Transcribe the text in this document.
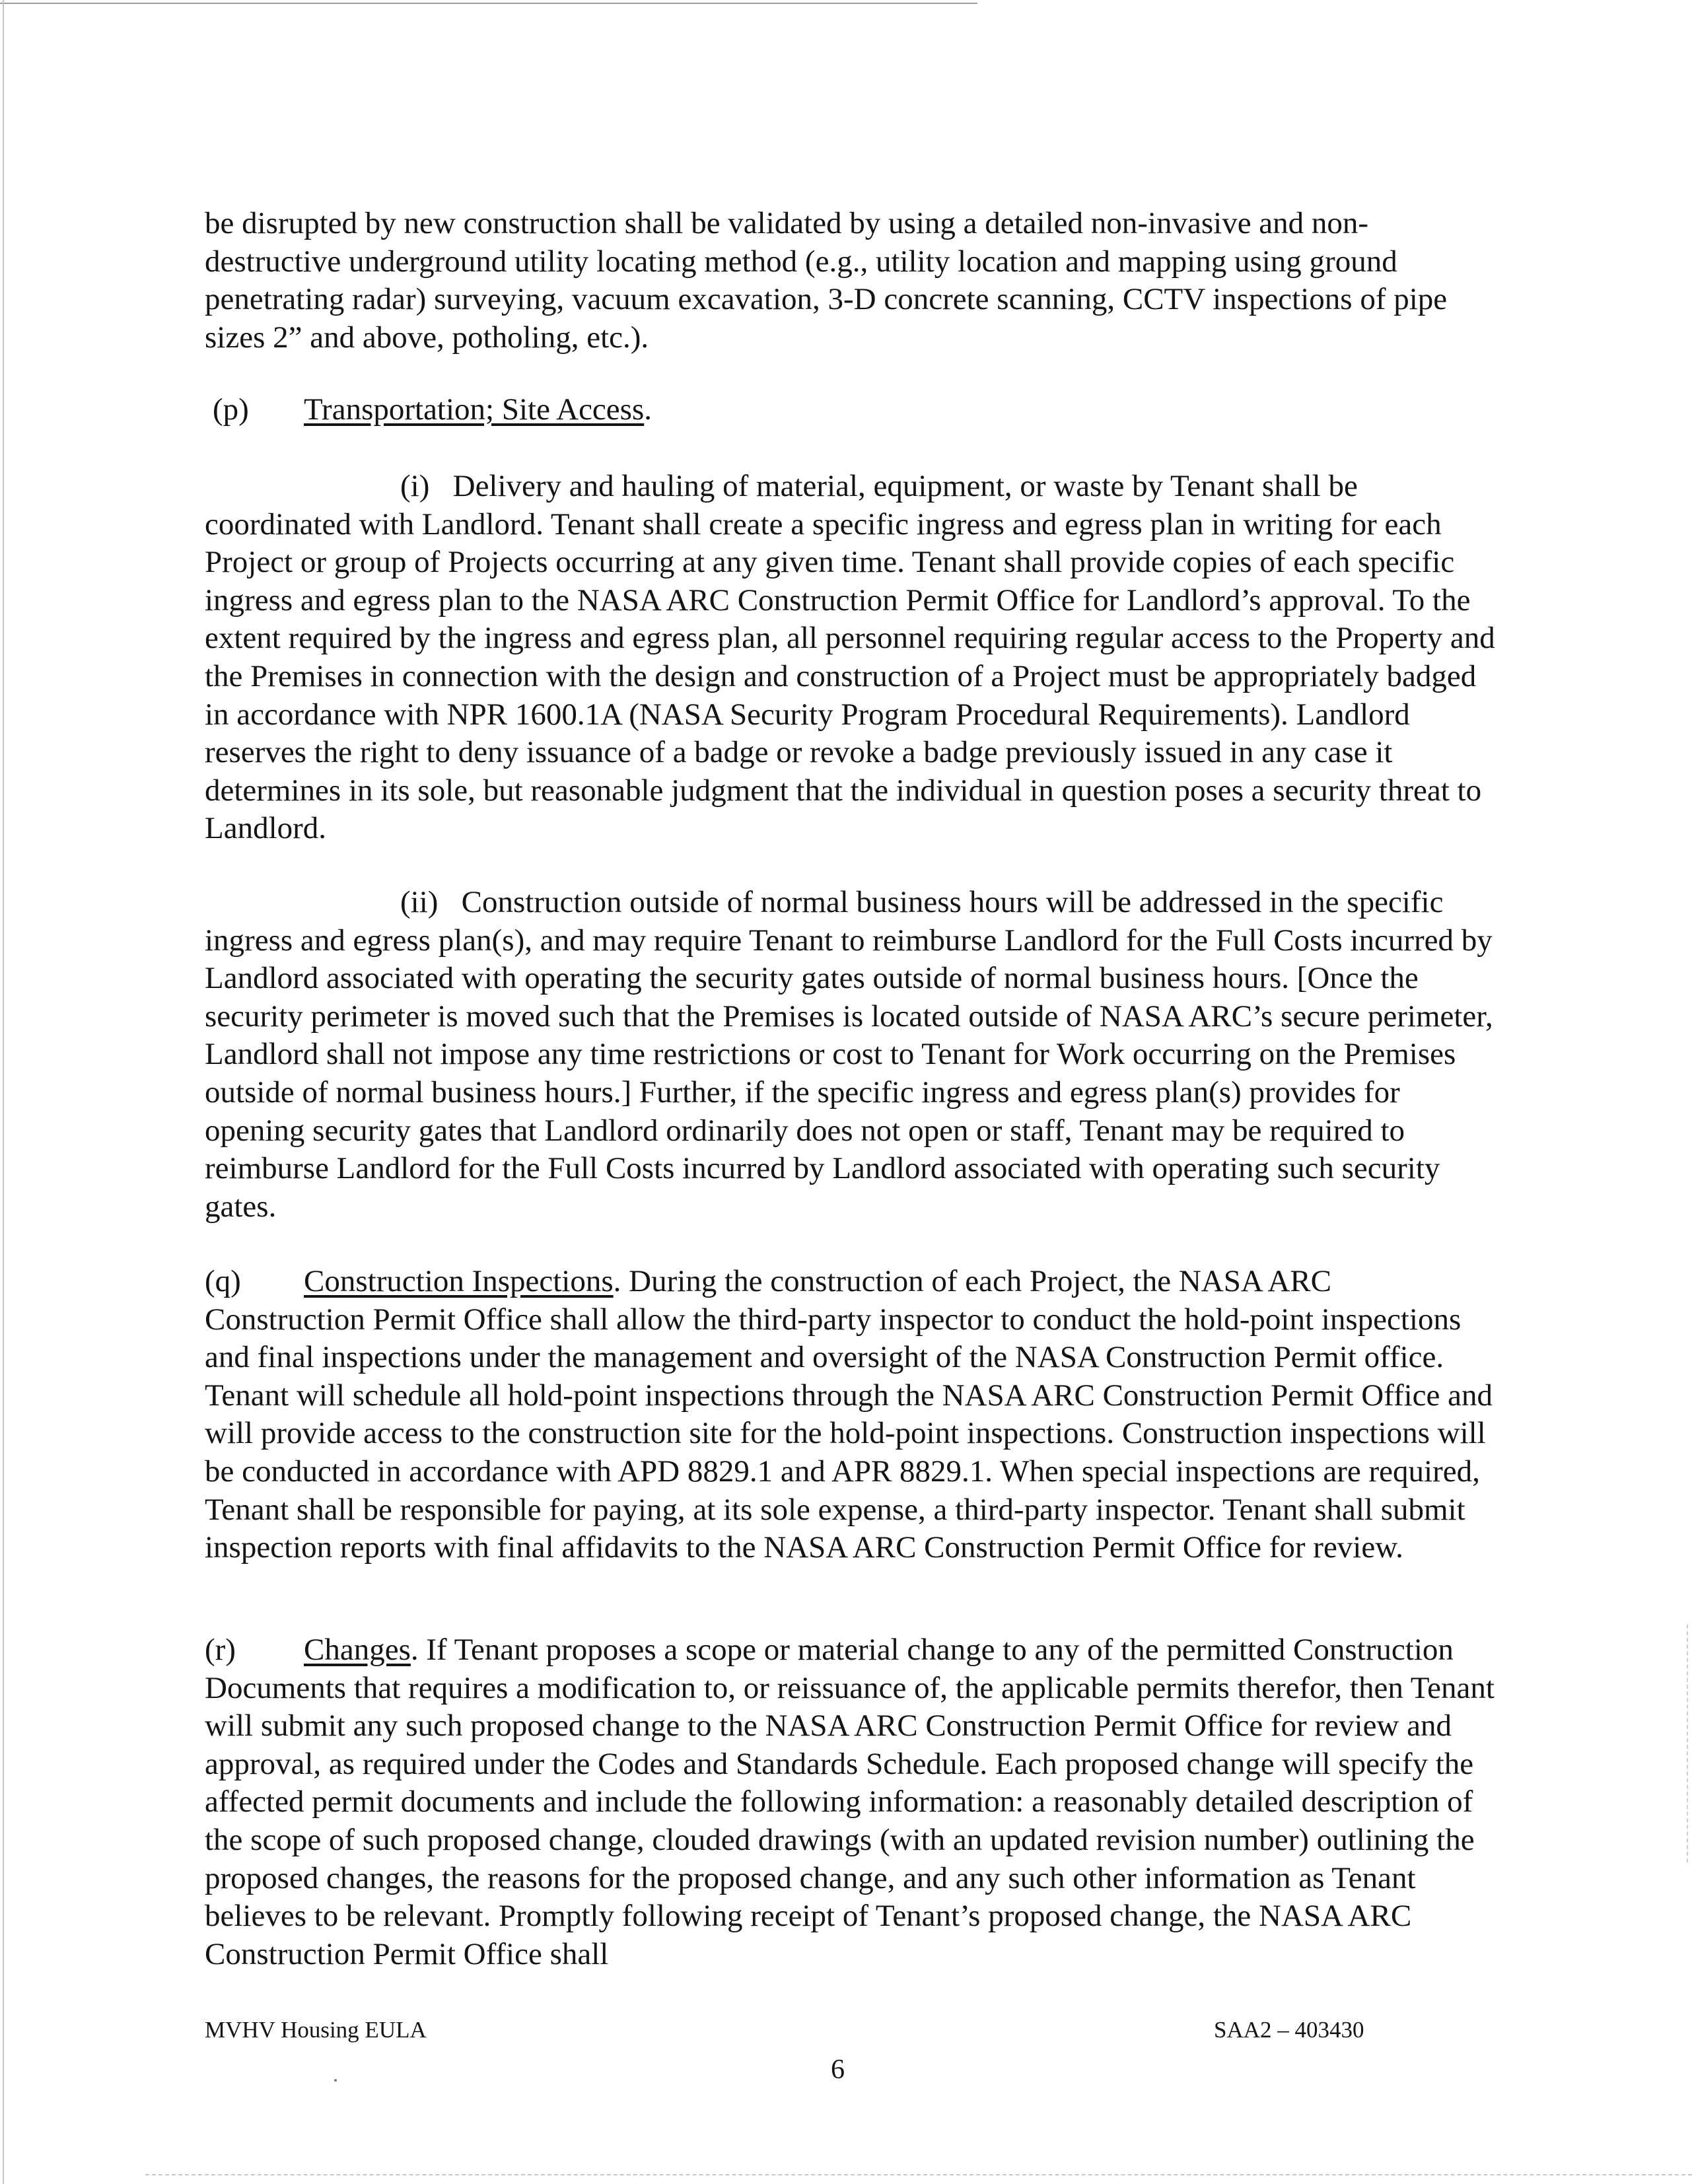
be disrupted by new construction shall be validated by using a detailed non-invasive and non-destructive underground utility locating method (e.g., utility location and mapping using ground penetrating radar) surveying, vacuum excavation, 3-D concrete scanning, CCTV inspections of pipe sizes 2” and above, potholing, etc.).

(p) Transportation; Site Access.

(i) Delivery and hauling of material, equipment, or waste by Tenant shall be coordinated with Landlord. Tenant shall create a specific ingress and egress plan in writing for each Project or group of Projects occurring at any given time. Tenant shall provide copies of each specific ingress and egress plan to the NASA ARC Construction Permit Office for Landlord’s approval. To the extent required by the ingress and egress plan, all personnel requiring regular access to the Property and the Premises in connection with the design and construction of a Project must be appropriately badged in accordance with NPR 1600.1A (NASA Security Program Procedural Requirements). Landlord reserves the right to deny issuance of a badge or revoke a badge previously issued in any case it determines in its sole, but reasonable judgment that the individual in question poses a security threat to Landlord.

(ii) Construction outside of normal business hours will be addressed in the specific ingress and egress plan(s), and may require Tenant to reimburse Landlord for the Full Costs incurred by Landlord associated with operating the security gates outside of normal business hours. [Once the security perimeter is moved such that the Premises is located outside of NASA ARC’s secure perimeter, Landlord shall not impose any time restrictions or cost to Tenant for Work occurring on the Premises outside of normal business hours.] Further, if the specific ingress and egress plan(s) provides for opening security gates that Landlord ordinarily does not open or staff, Tenant may be required to reimburse Landlord for the Full Costs incurred by Landlord associated with operating such security gates.

(q) Construction Inspections. During the construction of each Project, the NASA ARC Construction Permit Office shall allow the third-party inspector to conduct the hold-point inspections and final inspections under the management and oversight of the NASA Construction Permit office. Tenant will schedule all hold-point inspections through the NASA ARC Construction Permit Office and will provide access to the construction site for the hold-point inspections. Construction inspections will be conducted in accordance with APD 8829.1 and APR 8829.1. When special inspections are required, Tenant shall be responsible for paying, at its sole expense, a third-party inspector. Tenant shall submit inspection reports with final affidavits to the NASA ARC Construction Permit Office for review.

(r) Changes. If Tenant proposes a scope or material change to any of the permitted Construction Documents that requires a modification to, or reissuance of, the applicable permits therefor, then Tenant will submit any such proposed change to the NASA ARC Construction Permit Office for review and approval, as required under the Codes and Standards Schedule. Each proposed change will specify the affected permit documents and include the following information: a reasonably detailed description of the scope of such proposed change, clouded drawings (with an updated revision number) outlining the proposed changes, the reasons for the proposed change, and any such other information as Tenant believes to be relevant. Promptly following receipt of Tenant’s proposed change, the NASA ARC Construction Permit Office shall

MVHV Housing EULA	SAA2 – 403430
6
